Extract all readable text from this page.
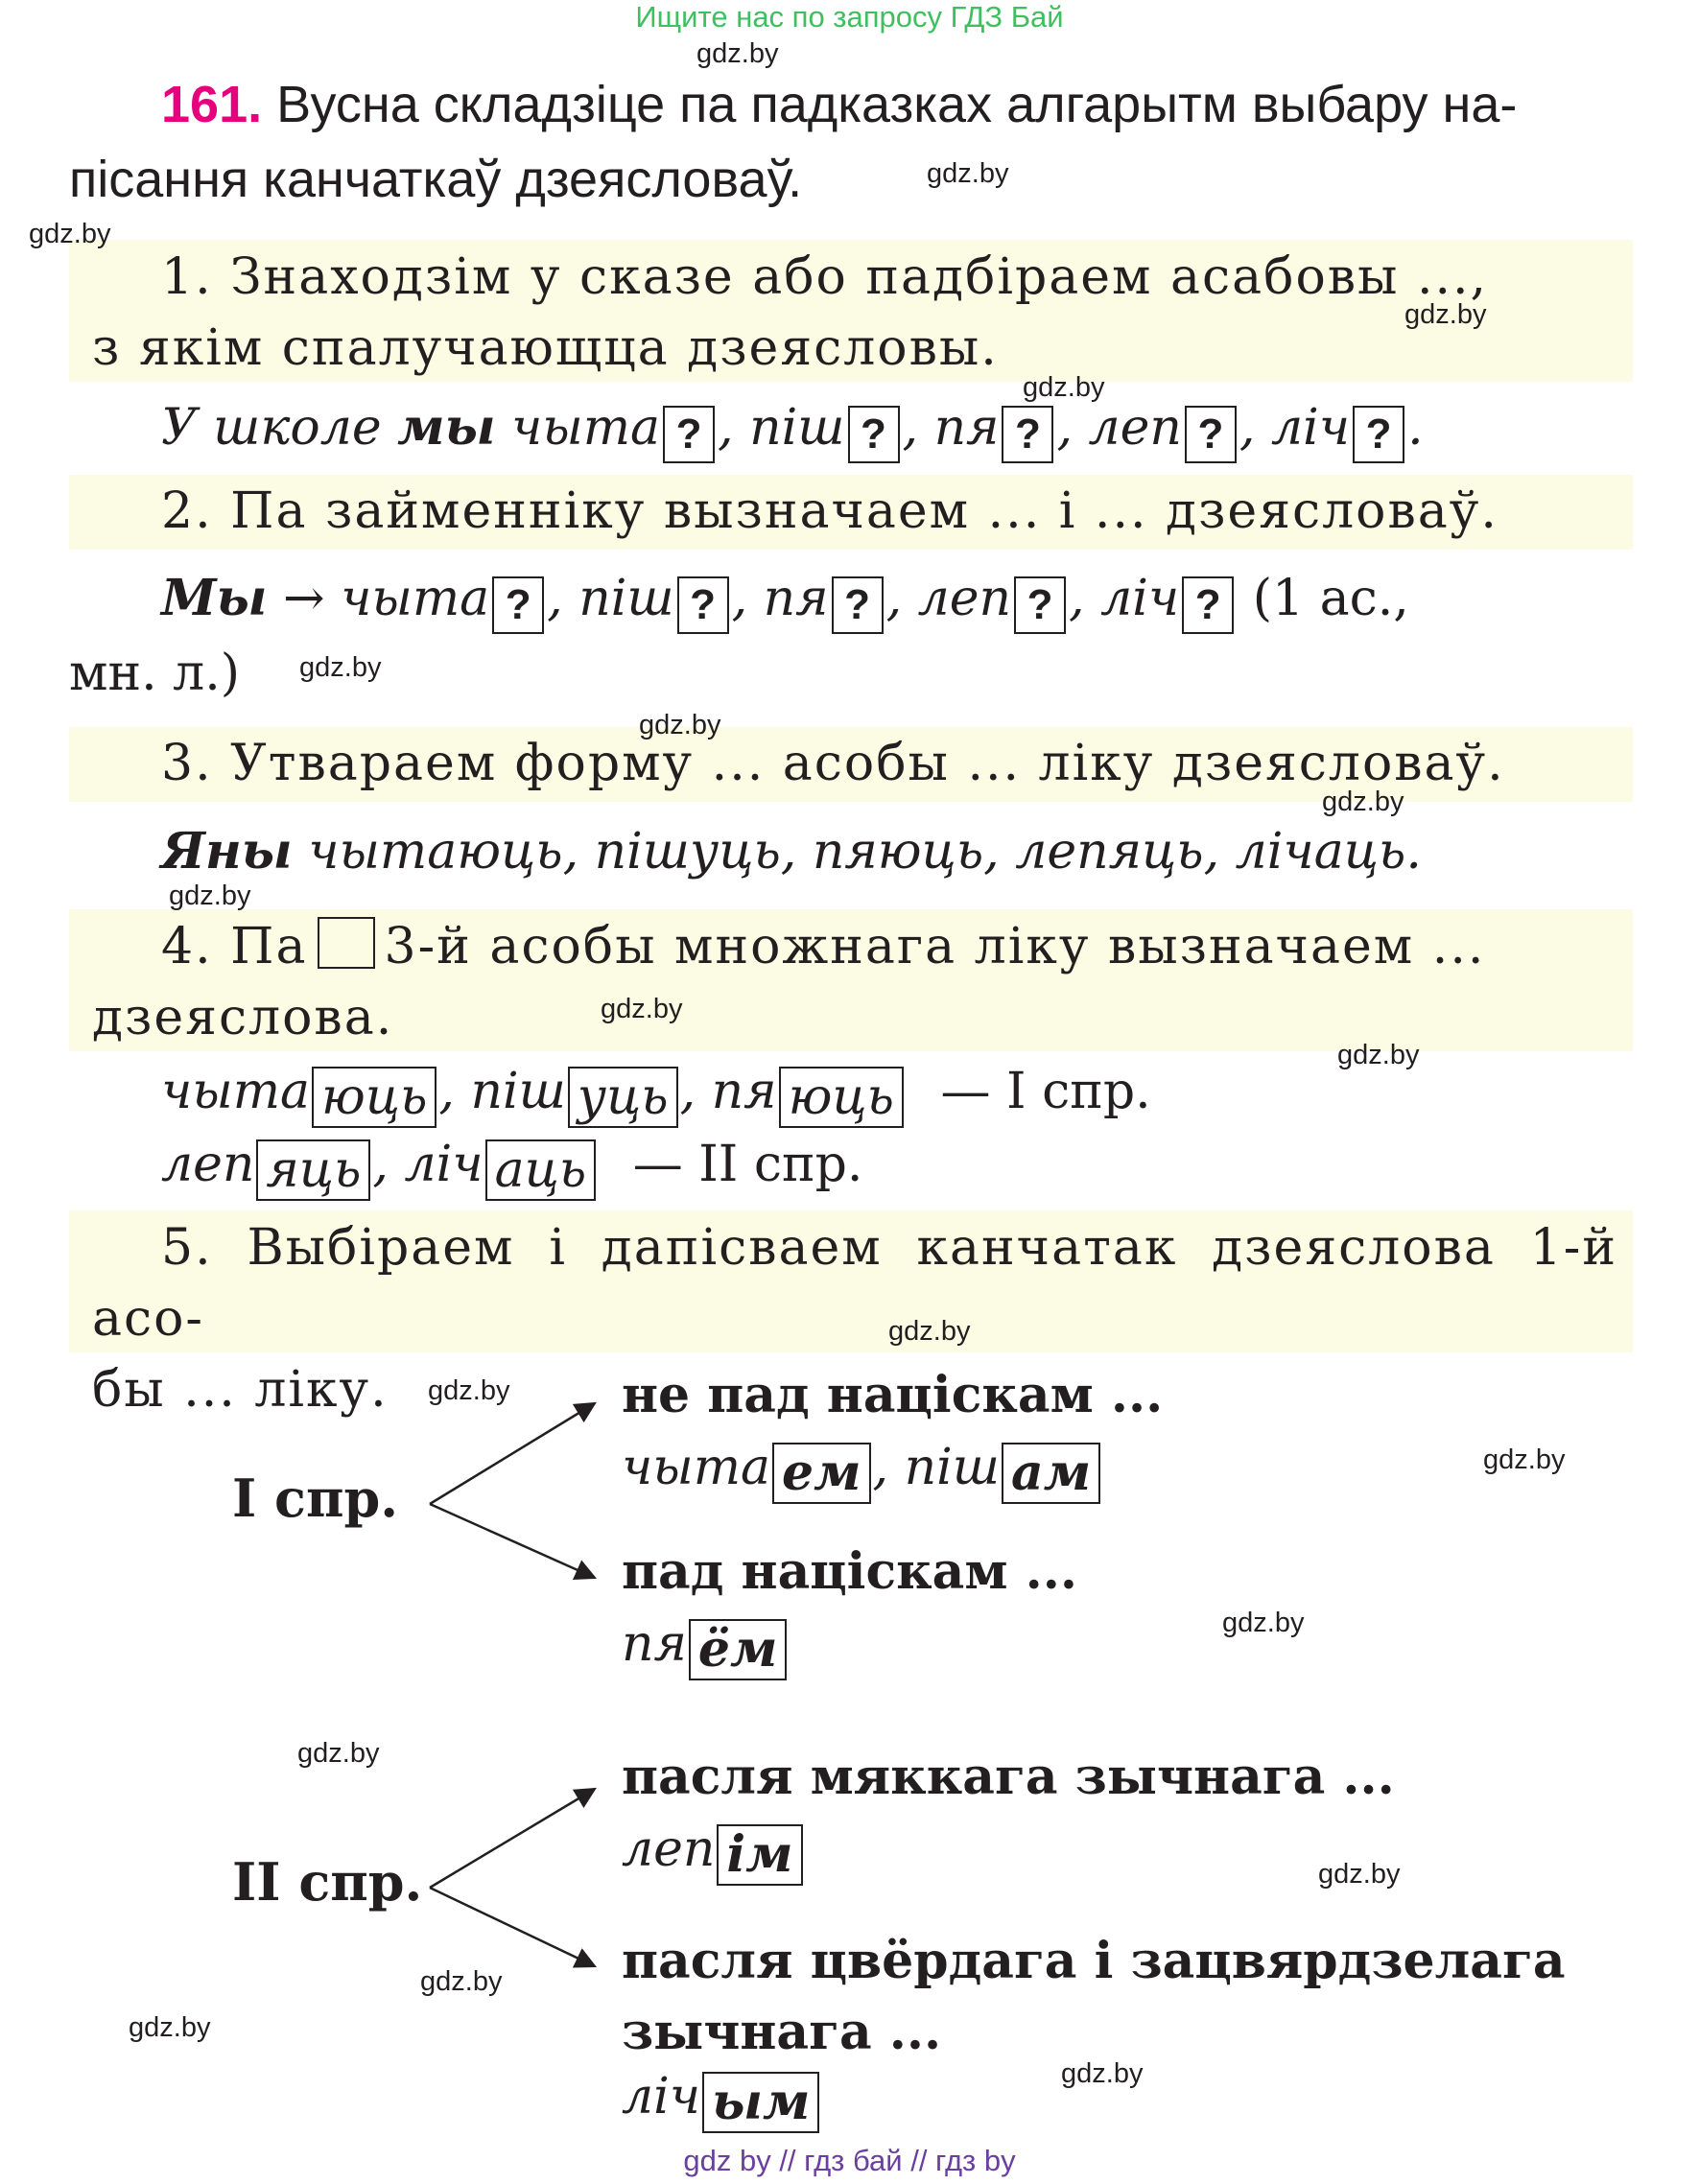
Ищите нас по запросу ГДЗ Бай
161. Вусна складзіце па падказках алгарытм выбару на-
пісання канчаткаў дзеясловаў.
1. Знаходзім у сказе або падбіраем асабовы ...,
з якім спалучающца дзеясловы.
У школе мы чыта ? , піш ? , пя ? , леп ? , ліч ? .
2. Па займенніку вызначаем ... і ... дзеясловаў.
Мы → чыта ? , піш ? , пя ? , леп ? , ліч ? (1 ас.,
мн. л.)
3. Утвараем форму ... асобы ... ліку дзеясловаў.
Яны чытаюць, пішуць, пяюць, лепяць, лічаць.
4. Па 3-й асобы множнага ліку вызначаем ...
дзеяслова.
чыта юць , піш уць , пя юць — I спр.
леп яць , ліч аць — II спр.
5. Выбіраем і дапісваем канчатак дзеяслова 1-й асо-
бы ... ліку.
I спр.
не пад націскам ...
чыта ем , піш ам
пад націскам ...
пя ём
II спр.
пасля мяккага зычнага ...
леп ім
пасля цвёрдага і зацвярдзелага
зычнага ...
ліч ым
gdz.by
gdz.by
gdz.by
gdz.by
gdz.by
gdz.by
gdz.by
gdz.by
gdz.by
gdz.by
gdz.by
gdz.by
gdz.by
gdz.by
gdz.by
gdz.by
gdz.by
gdz.by
gdz.by
gdz.by
gdz by // гдз бай // гдз by
